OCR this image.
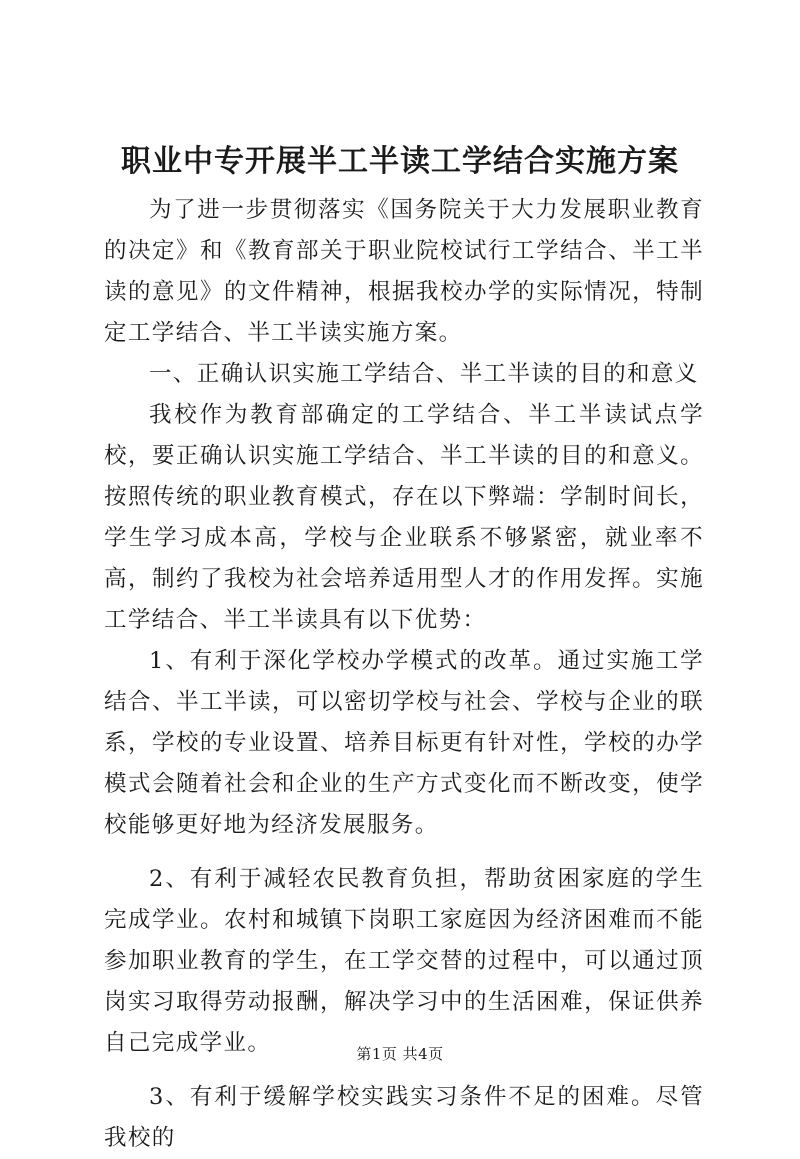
职业中专开展半工半读工学结合实施方案

为了进一步贯彻落实《国务院关于大力发展职业教育的决定》和《教育部关于职业院校试行工学结合、半工半读的意见》的文件精神，根据我校办学的实际情况，特制定工学结合、半工半读实施方案。

一、正确认识实施工学结合、半工半读的目的和意义

我校作为教育部确定的工学结合、半工半读试点学校，要正确认识实施工学结合、半工半读的目的和意义。按照传统的职业教育模式，存在以下弊端：学制时间长，学生学习成本高，学校与企业联系不够紧密，就业率不高，制约了我校为社会培养适用型人才的作用发挥。实施工学结合、半工半读具有以下优势：

1、有利于深化学校办学模式的改革。通过实施工学结合、半工半读，可以密切学校与社会、学校与企业的联系，学校的专业设置、培养目标更有针对性，学校的办学模式会随着社会和企业的生产方式变化而不断改变，使学校能够更好地为经济发展服务。

2、有利于减轻农民教育负担，帮助贫困家庭的学生完成学业。农村和城镇下岗职工家庭因为经济困难而不能参加职业教育的学生，在工学交替的过程中，可以通过顶岗实习取得劳动报酬，解决学习中的生活困难，保证供养自己完成学业。

3、有利于缓解学校实践实习条件不足的困难。尽管我校的

第1页 共4页
